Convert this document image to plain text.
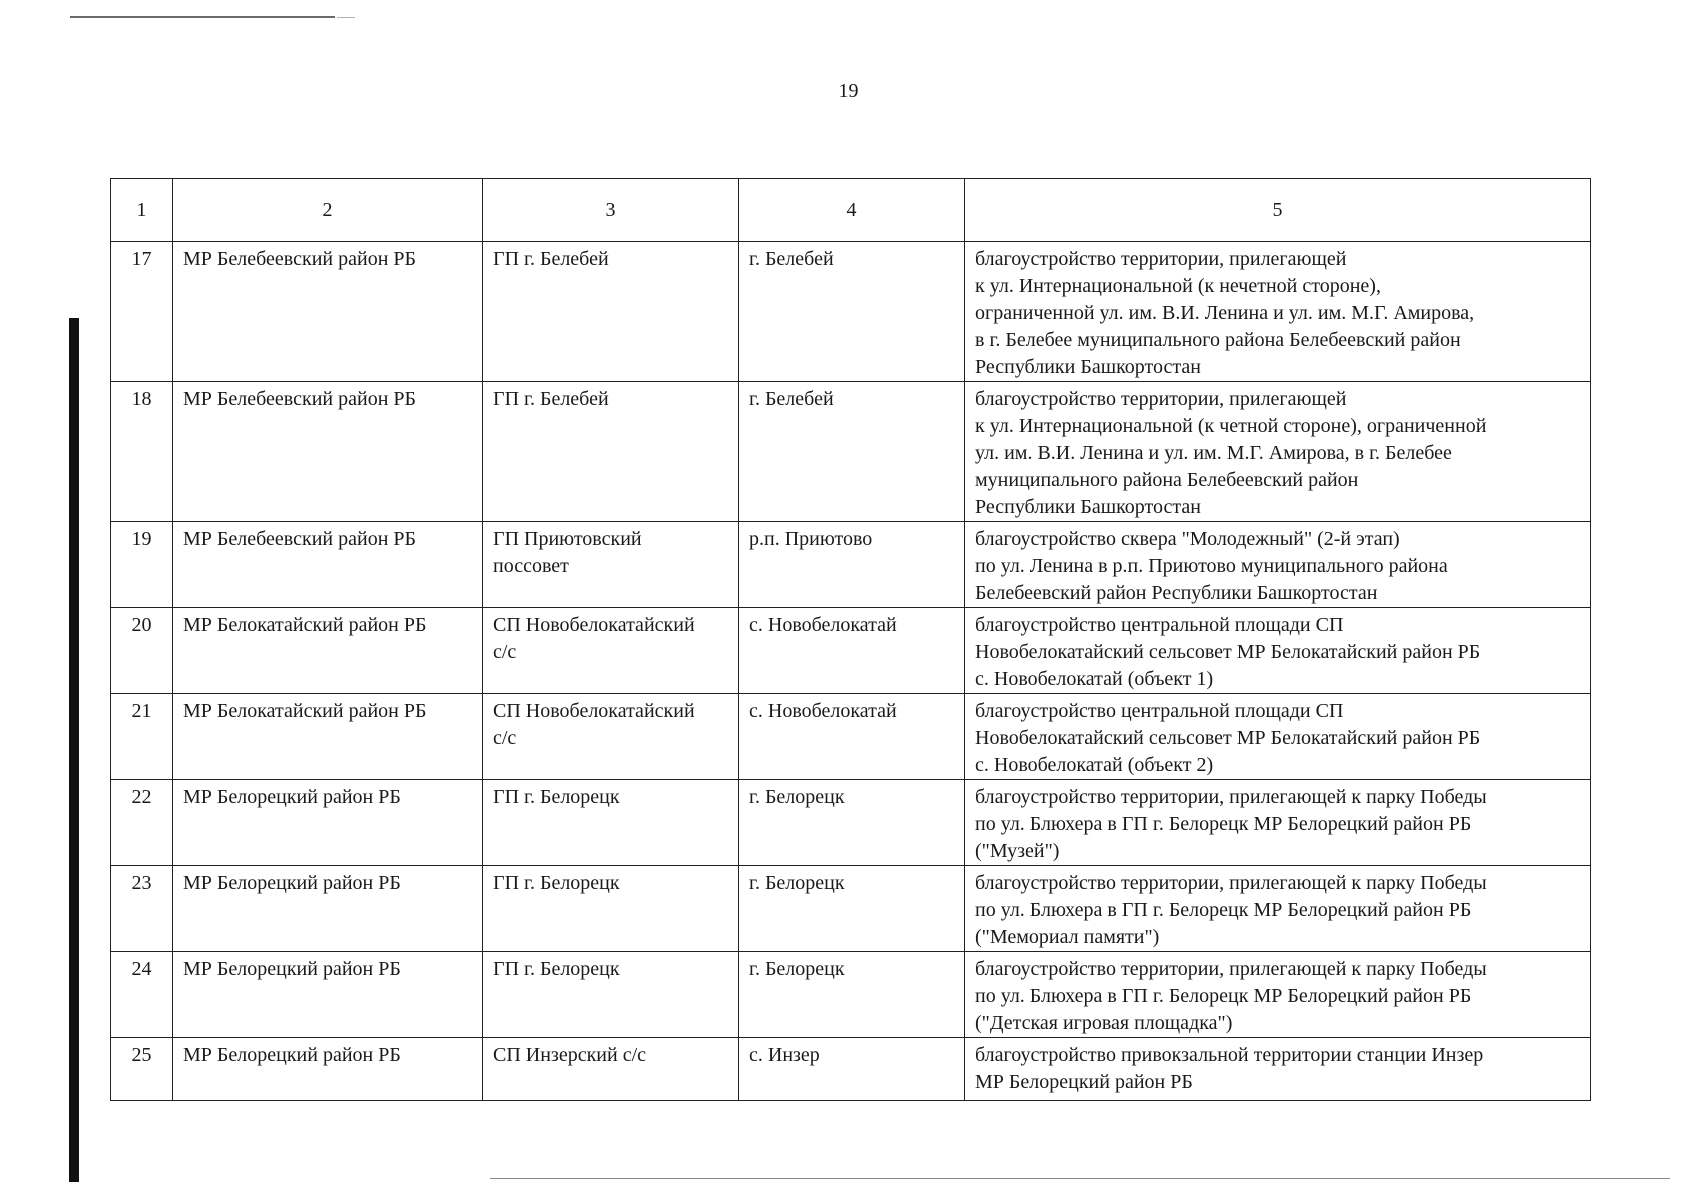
19
1	2	3	4	5
17	МР Белебеевский район РБ	ГП г. Белебей	г. Белебей	благоустройство территории, прилегающей
к ул. Интернациональной (к нечетной стороне),
ограниченной ул. им. В.И. Ленина и ул. им. М.Г. Амирова,
в г. Белебее муниципального района Белебеевский район
Республики Башкортостан
18	МР Белебеевский район РБ	ГП г. Белебей	г. Белебей	благоустройство территории, прилегающей
к ул. Интернациональной (к четной стороне), ограниченной
ул. им. В.И. Ленина и ул. им. М.Г. Амирова, в г. Белебее
муниципального района Белебеевский район
Республики Башкортостан
19	МР Белебеевский район РБ	ГП Приютовский
поссовет	р.п. Приютово	благоустройство сквера "Молодежный" (2-й этап)
по ул. Ленина в р.п. Приютово муниципального района
Белебеевский район Республики Башкортостан
20	МР Белокатайский район РБ	СП Новобелокатайский
с/с	с. Новобелокатай	благоустройство центральной площади СП
Новобелокатайский сельсовет МР Белокатайский район РБ
с. Новобелокатай (объект 1)
21	МР Белокатайский район РБ	СП Новобелокатайский
с/с	с. Новобелокатай	благоустройство центральной площади СП
Новобелокатайский сельсовет МР Белокатайский район РБ
с. Новобелокатай (объект 2)
22	МР Белорецкий район РБ	ГП г. Белорецк	г. Белорецк	благоустройство территории, прилегающей к парку Победы
по ул. Блюхера в ГП г. Белорецк МР Белорецкий район РБ
("Музей")
23	МР Белорецкий район РБ	ГП г. Белорецк	г. Белорецк	благоустройство территории, прилегающей к парку Победы
по ул. Блюхера в ГП г. Белорецк МР Белорецкий район РБ
("Мемориал памяти")
24	МР Белорецкий район РБ	ГП г. Белорецк	г. Белорецк	благоустройство территории, прилегающей к парку Победы
по ул. Блюхера в ГП г. Белорецк МР Белорецкий район РБ
("Детская игровая площадка")
25	МР Белорецкий район РБ	СП Инзерский с/с	с. Инзер	благоустройство привокзальной территории станции Инзер
МР Белорецкий район РБ
